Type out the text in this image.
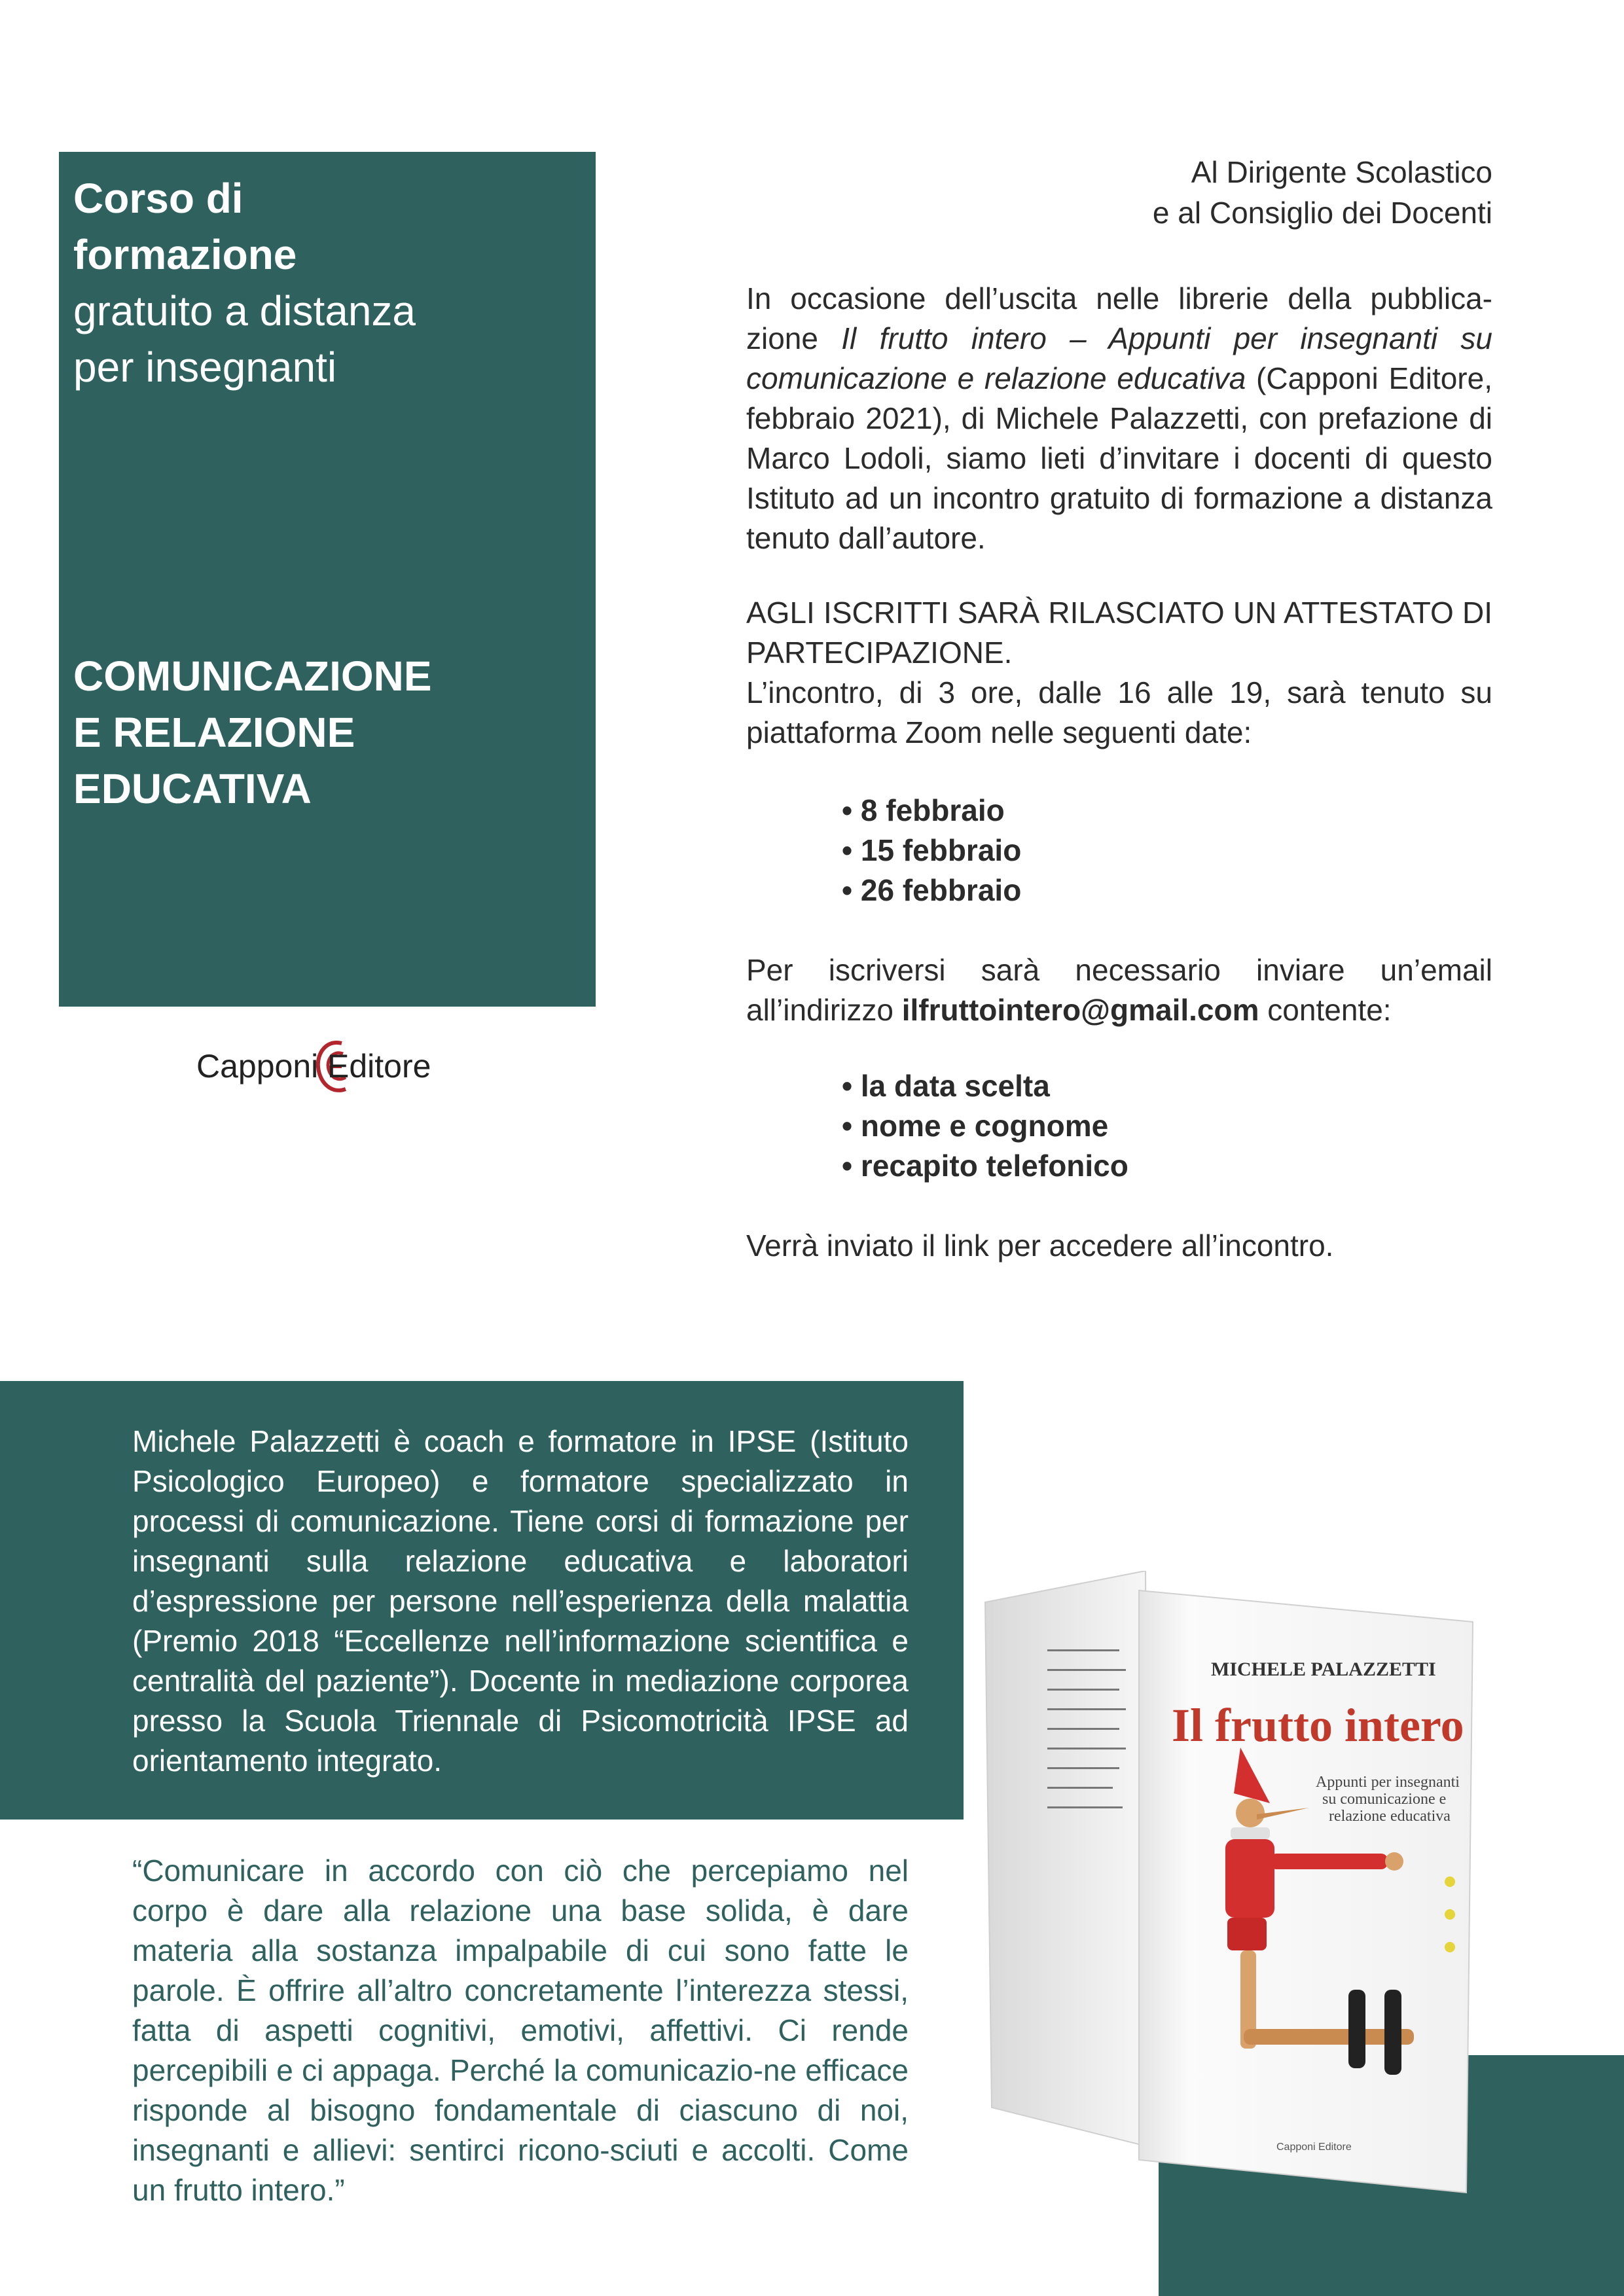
Per info: ilfruttointero@gmail.com
Corso di
formazione
gratuito a distanza
per insegnanti
COMUNICAZIONE
E RELAZIONE
EDUCATIVA
Capponi Editore
Al Dirigente Scolastico
e al Consiglio dei Docenti
In occasione dell’uscita nelle librerie della pubblica-zione Il frutto intero – Appunti per insegnanti su comunicazione e relazione educativa (Capponi Editore, febbraio 2021), di Michele Palazzetti, con prefazione di Marco Lodoli, siamo lieti d’invitare i docenti di questo Istituto ad un incontro gratuito di formazione a distanza tenuto dall’autore.
AGLI ISCRITTI SARÀ RILASCIATO UN ATTESTATO DI PARTECIPAZIONE.
L’incontro, di 3 ore, dalle 16 alle 19, sarà tenuto su piattaforma Zoom nelle seguenti date:
• 8 febbraio
• 15 febbraio
• 26 febbraio
Per iscriversi sarà necessario inviare un’email all’indirizzo ilfruttointero@gmail.com contente:
• la data scelta
• nome e cognome
• recapito telefonico
Verrà inviato il link per accedere all’incontro.
Michele Palazzetti è coach e formatore in IPSE (Istituto Psicologico Europeo) e formatore specializzato in processi di comunicazione. Tiene corsi di formazione per insegnanti sulla relazione educativa e laboratori d’espressione per persone nell’esperienza della malattia (Premio 2018 “Eccellenze nell’informazione scientifica e centralità del paziente”). Docente in mediazione corporea presso la Scuola Triennale di Psicomotricità IPSE ad orientamento integrato.
“Comunicare in accordo con ciò che percepiamo nel corpo è dare alla relazione una base solida, è dare materia alla sostanza impalpabile di cui sono fatte le parole. È offrire all’altro concretamente l’interezza stessi, fatta di aspetti cognitivi, emotivi, affettivi. Ci rende percepibili e ci appaga. Perché la comunicazio-ne efficace risponde al bisogno fondamentale di ciascuno di noi, insegnanti e allievi: sentirci ricono-sciuti e accolti. Come un frutto intero.”
MICHELE PALAZZETTI
Il frutto intero
Appunti per insegnanti
su comunicazione e
relazione educativa
Capponi Editore
